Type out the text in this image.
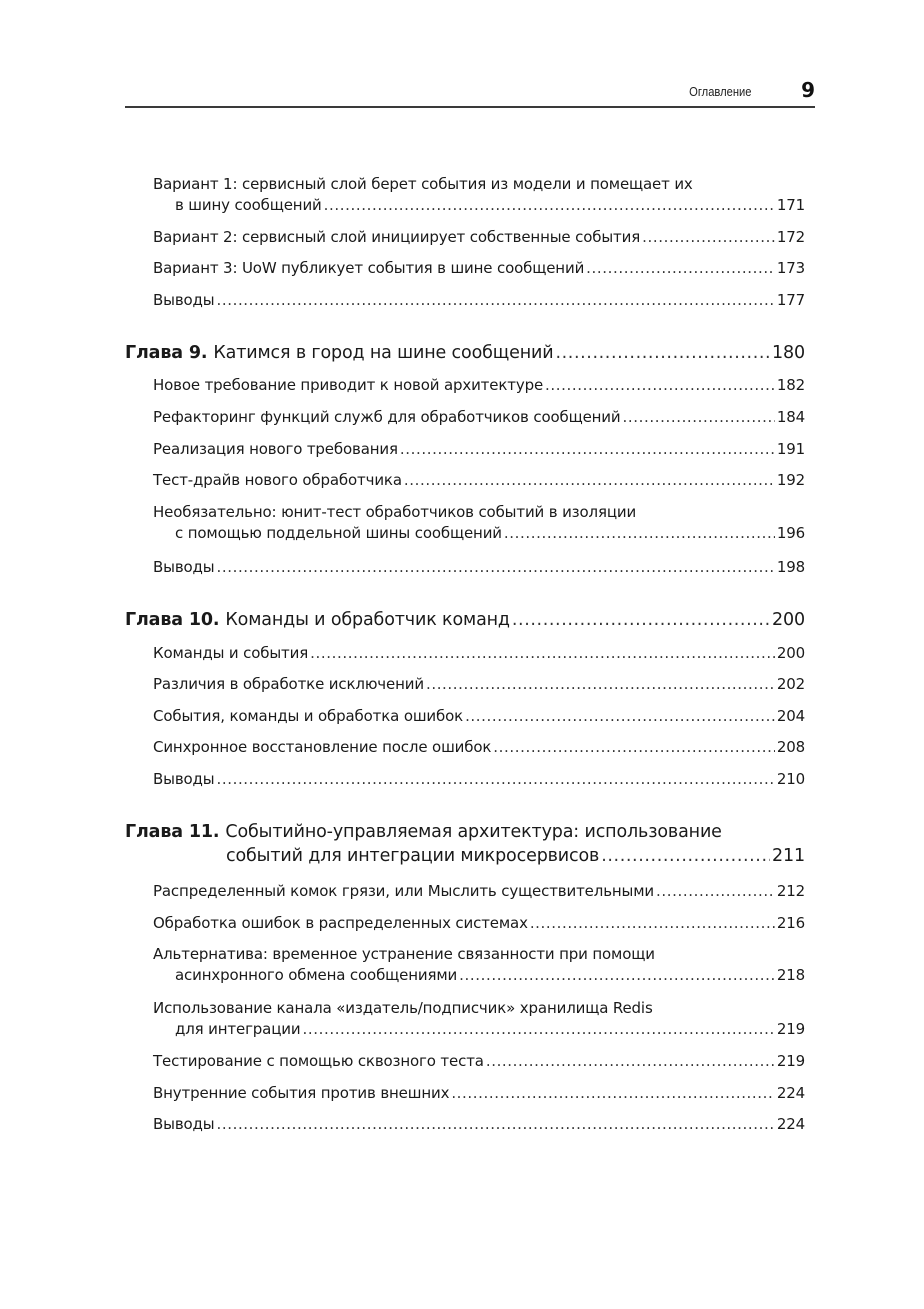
Оглавление	9
Вариант 1: сервисный слой берет события из модели и помещает их
в шину сообщений .....	171
Вариант 2: сервисный слой инициирует собственные события .....	172
Вариант 3: UoW публикует события в шине сообщений .....	173
Выводы .....	177
Глава 9. Катимся в город на шине сообщений .....	180
Новое требование приводит к новой архитектуре .....	182
Рефакторинг функций служб для обработчиков сообщений .....	184
Реализация нового требования .....	191
Тест-драйв нового обработчика .....	192
Необязательно: юнит-тест обработчиков событий в изоляции
с помощью поддельной шины сообщений .....	196
Выводы .....	198
Глава 10. Команды и обработчик команд .....	200
Команды и события .....	200
Различия в обработке исключений .....	202
События, команды и обработка ошибок .....	204
Синхронное восстановление после ошибок .....	208
Выводы .....	210
Глава 11. Событийно-управляемая архитектура: использование
событий для интеграции микросервисов .....	211
Распределенный комок грязи, или Мыслить существительными .....	212
Обработка ошибок в распределенных системах .....	216
Альтернатива: временное устранение связанности при помощи
асинхронного обмена сообщениями .....	218
Использование канала «издатель/подписчик» хранилища Redis
для интеграции .....	219
Тестирование с помощью сквозного теста .....	219
Внутренние события против внешних .....	224
Выводы .....	224
